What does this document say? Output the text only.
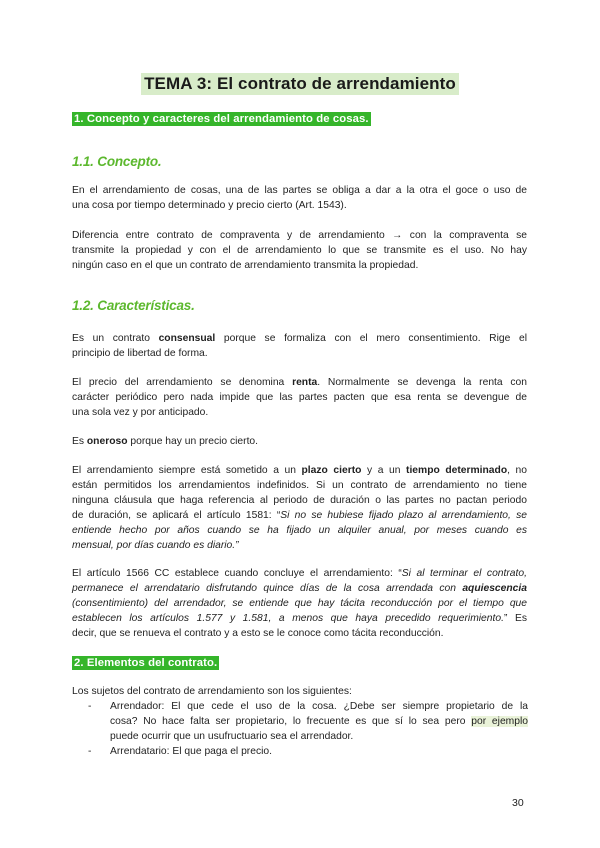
TEMA 3: El contrato de arrendamiento
1. Concepto y caracteres del arrendamiento de cosas.
1.1. Concepto.
En el arrendamiento de cosas, una de las partes se obliga a dar a la otra el goce o uso de
una cosa por tiempo determinado y precio cierto (Art. 1543).
Diferencia entre contrato de compraventa y de arrendamiento → con la compraventa se
transmite la propiedad y con el de arrendamiento lo que se transmite es el uso. No hay
ningún caso en el que un contrato de arrendamiento transmita la propiedad.
1.2. Características.
Es un contrato consensual porque se formaliza con el mero consentimiento. Rige el
principio de libertad de forma.
El precio del arrendamiento se denomina renta. Normalmente se devenga la renta con
carácter periódico pero nada impide que las partes pacten que esa renta se devengue de
una sola vez y por anticipado.
Es oneroso porque hay un precio cierto.
El arrendamiento siempre está sometido a un plazo cierto y a un tiempo determinado, no
están permitidos los arrendamientos indefinidos. Si un contrato de arrendamiento no tiene
ninguna cláusula que haga referencia al periodo de duración o las partes no pactan periodo
de duración, se aplicará el artículo 1581: “Si no se hubiese fijado plazo al arrendamiento, se
entiende hecho por años cuando se ha fijado un alquiler anual, por meses cuando es
mensual, por días cuando es diario.”
El artículo 1566 CC establece cuando concluye el arrendamiento: “Si al terminar el contrato,
permanece el arrendatario disfrutando quince días de la cosa arrendada con aquiescencia
(consentimiento) del arrendador, se entiende que hay tácita reconducción por el tiempo que
establecen los artículos 1.577 y 1.581, a menos que haya precedido requerimiento.” Es
decir, que se renueva el contrato y a esto se le conoce como tácita reconducción.
2. Elementos del contrato.
Los sujetos del contrato de arrendamiento son los siguientes:
- Arrendador: El que cede el uso de la cosa. ¿Debe ser siempre propietario de la
cosa? No hace falta ser propietario, lo frecuente es que sí lo sea pero por ejemplo
puede ocurrir que un usufructuario sea el arrendador.
- Arrendatario: El que paga el precio.
30
